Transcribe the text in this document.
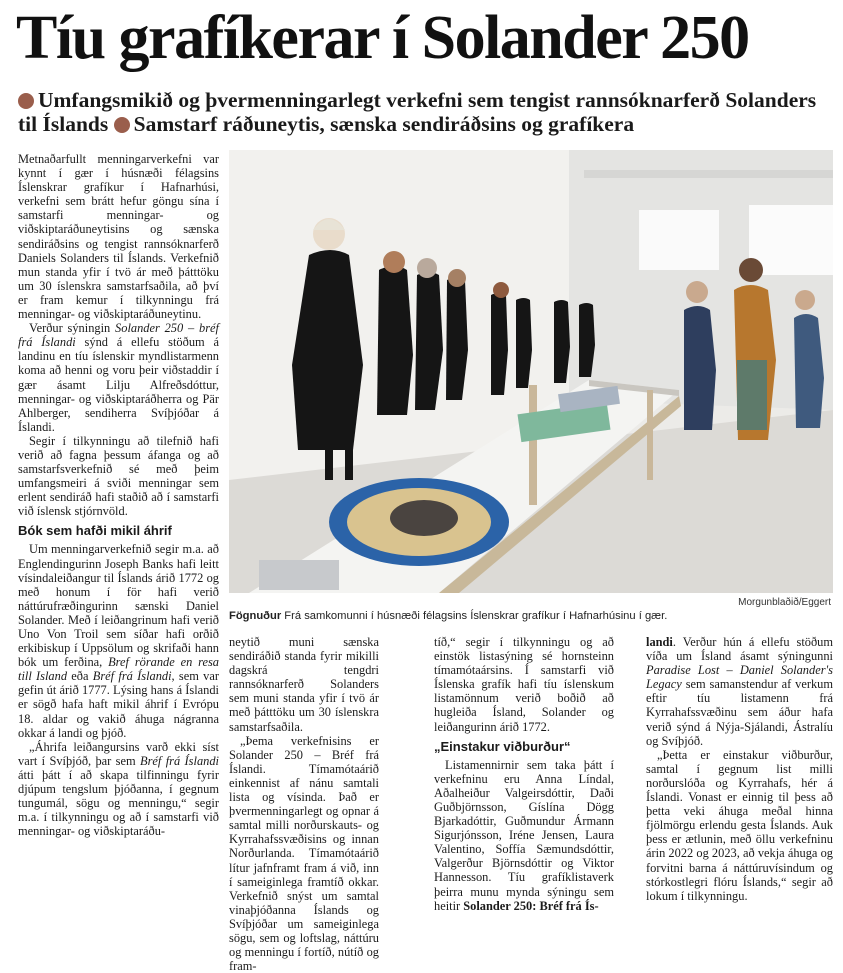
Tíu grafíkerar í Solander 250
Umfangsmikið og þvermenningarlegt verkefni sem tengist rannsóknarferð Solanders til Íslands Samstarf ráðuneytis, sænska sendiráðsins og grafíkera

Metnaðarfullt menningarverkefni var kynnt í gær í húsnæði félagsins Íslenskrar grafíkur í Hafnarhúsi, verkefni sem brátt hefur göngu sína í samstarfi menningar- og viðskiptaráðuneytisins og sænska sendiráðsins og tengist rannsóknarferð Daniels Solanders til Íslands. Verkefnið mun standa yfir í tvö ár með þátttöku um 30 íslenskra samstarfsaðila, að því er fram kemur í tilkynningu frá menningar- og viðskiptaráðuneytinu.

Verður sýningin Solander 250 – bréf frá Íslandi sýnd á ellefu stöðum á landinu en tíu íslenskir myndlistarmenn koma að henni og voru þeir viðstaddir í gær ásamt Lilju Alfreðsdóttur, menningar- og viðskiptaráðherra og Pär Ahlberger, sendiherra Svíþjóðar á Íslandi.

Segir í tilkynningu að tilefnið hafi verið að fagna þessum áfanga og að samstarfsverkefnið sé með þeim umfangsmeiri á sviði menningar sem erlent sendiráð hafi staðið að í samstarfi við íslensk stjórnvöld.

Bók sem hafði mikil áhrif

Um menningarverkefnið segir m.a. að Englendingurinn Joseph Banks hafi leitt vísindaleiðangur til Íslands árið 1772 og með honum í för hafi verið náttúrufræðingurinn sænski Daniel Solander. Með í leiðangrinum hafi verið Uno Von Troil sem síðar hafi orðið erkibiskup í Uppsölum og skrifaði hann bók um ferðina, Bref rörande en resa till Island eða Bréf frá Íslandi, sem var gefin út árið 1777. Lýsing hans á Íslandi er sögð hafa haft mikil áhrif í Evrópu 18. aldar og vakið áhuga nágranna okkar á landi og þjóð.

„Áhrifa leiðangursins varð ekki síst vart í Svíþjóð, þar sem Bréf frá Íslandi átti þátt í að skapa tilfinningu fyrir djúpum tengslum þjóðanna, í gegnum tungumál, sögu og menningu,“ segir m.a. í tilkynningu og að í samstarfi við menningar- og viðskiptaráðu-

Morgunblaðið/Eggert
Fögnuður Frá samkomunni í húsnæði félagsins Íslenskrar grafíkur í Hafnarhúsinu í gær.

neytið muni sænska sendiráðið standa fyrir mikilli dagskrá tengdri rannsóknarferð Solanders sem muni standa yfir í tvö ár með þátttöku um 30 íslenskra samstarfsaðila.

„Þema verkefnisins er Solander 250 – Bréf frá Íslandi. Tímamótaárið einkennist af nánu samtali lista og vísinda. Það er þvermenningarlegt og opnar á samtal milli norðurskauts- og Kyrrahafssvæðisins og innan Norðurlanda. Tímamótaárið lítur jafnframt fram á við, inn í sameiginlega framtíð okkar. Verkefnið snýst um samtal vinaþjóðanna Íslands og Svíþjóðar um sameiginlega sögu, sem og loftslag, náttúru og menningu í fortíð, nútíð og fram-

tíð,“ segir í tilkynningu og að einstök listasýning sé hornsteinn tímamótaársins. Í samstarfi við Íslenska grafík hafi tíu íslenskum listamönnum verið boðið að hugleiða Ísland, Solander og leiðangurinn árið 1772.

„Einstakur viðburður“

Listamennirnir sem taka þátt í verkefninu eru Anna Líndal, Aðalheiður Valgeirsdóttir, Daði Guðbjörnsson, Gíslína Dögg Bjarkadóttir, Guðmundur Ármann Sigurjónsson, Iréne Jensen, Laura Valentino, Soffía Sæmundsdóttir, Valgerður Björnsdóttir og Viktor Hannesson. Tíu grafíklistaverk þeirra munu mynda sýningu sem heitir Solander 250: Bréf frá Ís-

landi. Verður hún á ellefu stöðum víða um Ísland ásamt sýningunni Paradise Lost – Daniel Solander's Legacy sem samanstendur af verkum eftir tíu listamenn frá Kyrrahafssvæðinu sem áður hafa verið sýnd á Nýja-Sjálandi, Ástralíu og Svíþjóð.

„Þetta er einstakur viðburður, samtal í gegnum list milli norðurslóða og Kyrrahafs, hér á Íslandi. Vonast er einnig til þess að þetta veki áhuga meðal hinna fjölmörgu erlendu gesta Íslands. Auk þess er ætlunin, með öllu verkefninu árin 2022 og 2023, að vekja áhuga og forvitni barna á náttúruvísindum og stórkostlegri flóru Íslands,“ segir að lokum í tilkynningu.
